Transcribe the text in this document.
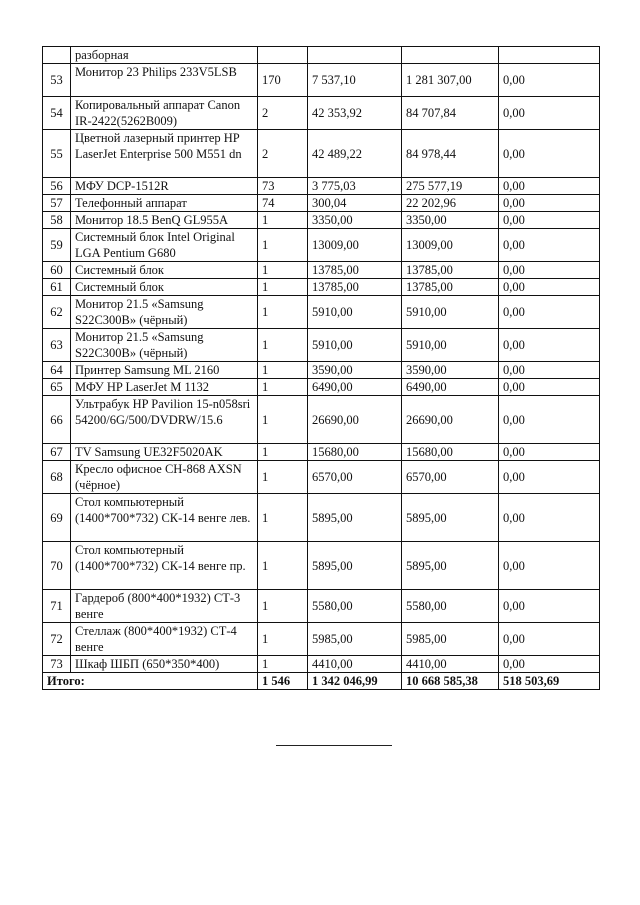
	разборная				
53	Монитор 23 Philips 233V5LSB	170	7 537,10	1 281 307,00	0,00
54	Копировальный аппарат Canon IR-2422(5262B009)	2	42 353,92	84 707,84	0,00
55	Цветной лазерный принтер HP LaserJet Enterprise 500 M551 dn	2	42 489,22	84 978,44	0,00
56	МФУ DCP-1512R	73	3 775,03	275 577,19	0,00
57	Телефонный аппарат	74	300,04	22 202,96	0,00
58	Монитор 18.5 BenQ GL955A	1	3350,00	3350,00	0,00
59	Системный блок Intel Original LGA Pentium G680	1	13009,00	13009,00	0,00
60	Системный блок	1	13785,00	13785,00	0,00
61	Системный блок	1	13785,00	13785,00	0,00
62	Монитор 21.5 «Samsung S22C300B» (чёрный)	1	5910,00	5910,00	0,00
63	Монитор 21.5 «Samsung S22C300B» (чёрный)	1	5910,00	5910,00	0,00
64	Принтер Samsung ML 2160	1	3590,00	3590,00	0,00
65	МФУ HP LaserJet M 1132	1	6490,00	6490,00	0,00
66	Ультрабук HP Pavilion 15-n058sri 54200/6G/500/DVDRW/15.6	1	26690,00	26690,00	0,00
67	TV Samsung UE32F5020AK	1	15680,00	15680,00	0,00
68	Кресло офисное CH-868 AXSN (чёрное)	1	6570,00	6570,00	0,00
69	Стол компьютерный (1400*700*732) СК-14 венге лев.	1	5895,00	5895,00	0,00
70	Стол компьютерный (1400*700*732) СК-14 венге пр.	1	5895,00	5895,00	0,00
71	Гардероб (800*400*1932) СТ-3 венге	1	5580,00	5580,00	0,00
72	Стеллаж (800*400*1932) СТ-4 венге	1	5985,00	5985,00	0,00
73	Шкаф ШБП (650*350*400)	1	4410,00	4410,00	0,00
Итого:		1 546	1 342 046,99	10 668 585,38	518 503,69
